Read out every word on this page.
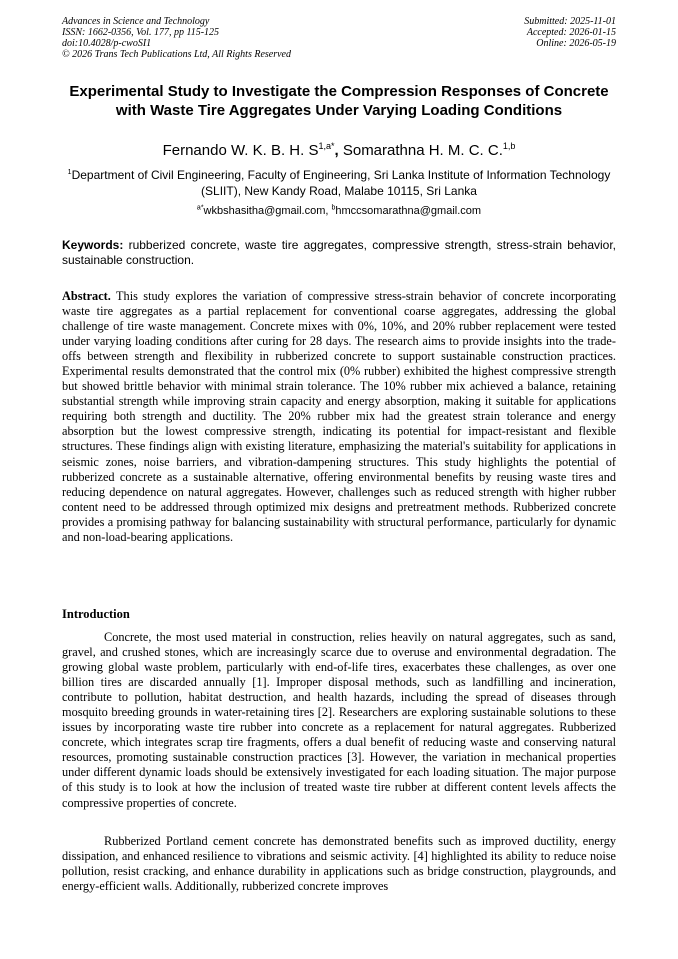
Advances in Science and Technology
ISSN: 1662-0356, Vol. 177, pp 115-125
doi:10.4028/p-cwoSI1
© 2026 Trans Tech Publications Ltd, All Rights Reserved
Submitted: 2025-11-01
Accepted: 2026-01-15
Online: 2026-05-19
Experimental Study to Investigate the Compression Responses of Concrete with Waste Tire Aggregates Under Varying Loading Conditions
Fernando W. K. B. H. $S^{1,a*}$, Somarathna H. M. C. C.$^{1,b}$
$^1$Department of Civil Engineering, Faculty of Engineering, Sri Lanka Institute of Information Technology (SLIIT), New Kandy Road, Malabe 10115, Sri Lanka
$^{a*}$wkbshasitha@gmail.com, $^b$hmccsomarathna@gmail.com
Keywords: rubberized concrete, waste tire aggregates, compressive strength, stress-strain behavior, sustainable construction.
Abstract. This study explores the variation of compressive stress-strain behavior of concrete incorporating waste tire aggregates as a partial replacement for conventional coarse aggregates, addressing the global challenge of tire waste management. Concrete mixes with 0%, 10%, and 20% rubber replacement were tested under varying loading conditions after curing for 28 days. The research aims to provide insights into the trade-offs between strength and flexibility in rubberized concrete to support sustainable construction practices. Experimental results demonstrated that the control mix (0% rubber) exhibited the highest compressive strength but showed brittle behavior with minimal strain tolerance. The 10% rubber mix achieved a balance, retaining substantial strength while improving strain capacity and energy absorption, making it suitable for applications requiring both strength and ductility. The 20% rubber mix had the greatest strain tolerance and energy absorption but the lowest compressive strength, indicating its potential for impact-resistant and flexible structures. These findings align with existing literature, emphasizing the material's suitability for applications in seismic zones, noise barriers, and vibration-dampening structures. This study highlights the potential of rubberized concrete as a sustainable alternative, offering environmental benefits by reusing waste tires and reducing dependence on natural aggregates. However, challenges such as reduced strength with higher rubber content need to be addressed through optimized mix designs and pretreatment methods. Rubberized concrete provides a promising pathway for balancing sustainability with structural performance, particularly for dynamic and non-load-bearing applications.
Introduction
Concrete, the most used material in construction, relies heavily on natural aggregates, such as sand, gravel, and crushed stones, which are increasingly scarce due to overuse and environmental degradation. The growing global waste problem, particularly with end-of-life tires, exacerbates these challenges, as over one billion tires are discarded annually [1]. Improper disposal methods, such as landfilling and incineration, contribute to pollution, habitat destruction, and health hazards, including the spread of diseases through mosquito breeding grounds in water-retaining tires [2]. Researchers are exploring sustainable solutions to these issues by incorporating waste tire rubber into concrete as a replacement for natural aggregates. Rubberized concrete, which integrates scrap tire fragments, offers a dual benefit of reducing waste and conserving natural resources, promoting sustainable construction practices [3]. However, the variation in mechanical properties under different dynamic loads should be extensively investigated for each loading situation. The major purpose of this study is to look at how the inclusion of treated waste tire rubber at different content levels affects the compressive properties of concrete.
Rubberized Portland cement concrete has demonstrated benefits such as improved ductility, energy dissipation, and enhanced resilience to vibrations and seismic activity. [4] highlighted its ability to reduce noise pollution, resist cracking, and enhance durability in applications such as bridge construction, playgrounds, and energy-efficient walls. Additionally, rubberized concrete improves
